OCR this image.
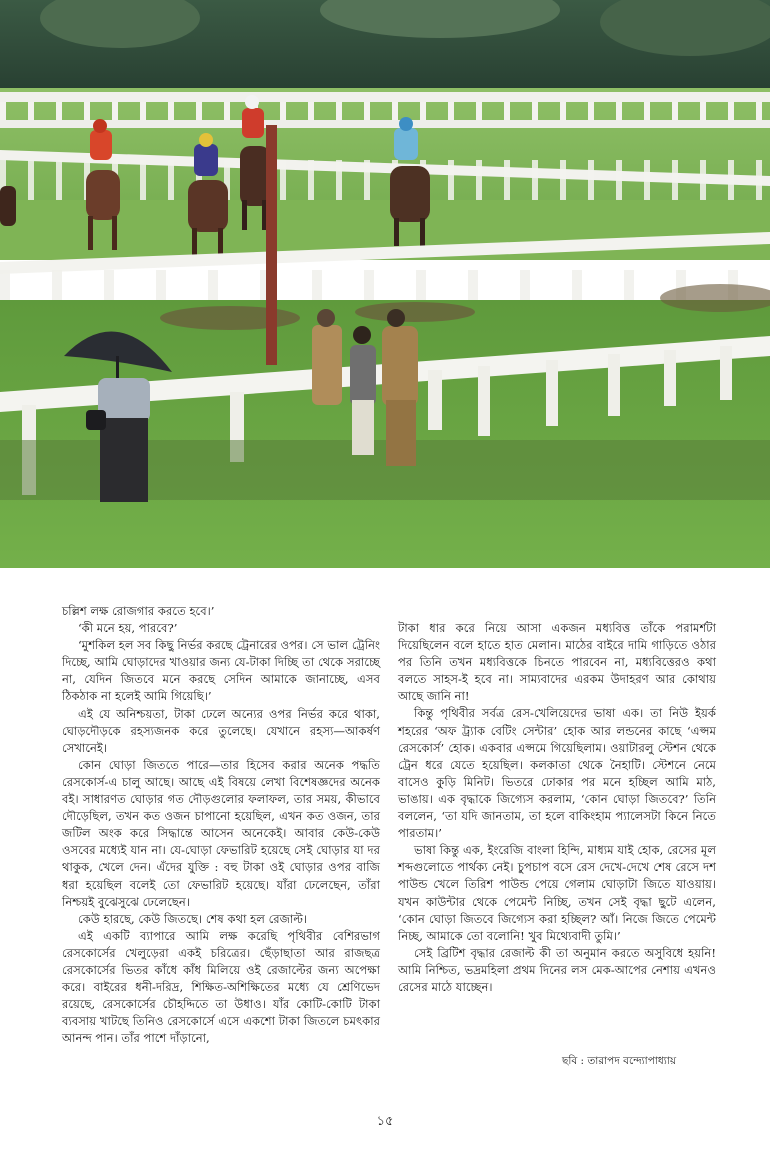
চল্লিশ লক্ষ রোজগার করতে হবে।’

‘কী মনে হয়, পারবে?’

‘মুশকিল হল সব কিছু নির্ভর করছে ট্রেনারের ওপর। সে ভাল ট্রেনিং দিচ্ছে, আমি ঘোড়াদের খাওয়ার জন্য যে-টাকা দিচ্ছি তা থেকে সরাচ্ছে না, যেদিন জিতবে মনে করছে সেদিন আমাকে জানাচ্ছে, এসব ঠিকঠাক না হলেই আমি গিয়েছি।’

এই যে অনিশ্চয়তা, টাকা ঢেলে অন্যের ওপর নির্ভর করে থাকা, ঘোড়দৌড়কে রহস্যজনক করে তুলেছে। যেখানে রহস্য—আকর্ষণ সেখানেই।

কোন ঘোড়া জিততে পারে—তার হিসেব করার অনেক পদ্ধতি রেসকোর্স-এ চালু আছে। আছে এই বিষয়ে লেখা বিশেষজ্ঞদের অনেক বই। সাধারণত ঘোড়ার গত দৌড়গুলোর ফলাফল, তার সময়, কীভাবে দৌড়েছিল, তখন কত ওজন চাপানো হয়েছিল, এখন কত ওজন, তার জটিল অংক করে সিদ্ধান্তে আসেন অনেকেই। আবার কেউ-কেউ ওসবের মধ্যেই যান না। যে-ঘোড়া ফেভারিট হয়েছে সেই ঘোড়ার যা দর থাকুক, খেলে দেন। এঁদের যুক্তি : বহু টাকা ওই ঘোড়ার ওপর বাজি ধরা হয়েছিল বলেই তো ফেভারিট হয়েছে। যাঁরা ঢেলেছেন, তাঁরা নিশ্চয়ই বুঝেসুঝে ঢেলেছেন।

কেউ হারছে, কেউ জিতছে। শেষ কথা হল রেজাল্ট।

এই একটি ব্যাপারে আমি লক্ষ করেছি পৃথিবীর বেশিরভাগ রেসকোর্সের খেলুড়েরা একই চরিত্রের। ছেঁড়াছাতা আর রাজছত্র রেসকোর্সের ভিতর কাঁধে কাঁধ মিলিয়ে ওই রেজাল্টের জন্য অপেক্ষা করে। বাইরের ধনী-দরিদ্র, শিক্ষিত-অশিক্ষিতের মধ্যে যে শ্রেণিভেদ রয়েছে, রেসকোর্সের চৌহদ্দিতে তা উধাও। যাঁর কোটি-কোটি টাকা ব্যবসায় খাটছে তিনিও রেসকোর্সে এসে একশো টাকা জিতলে চমৎকার আনন্দ পান। তাঁর পাশে দাঁড়ানো,

টাকা ধার করে নিয়ে আসা একজন মধ্যবিত্ত তাঁকে পরামর্শটা দিয়েছিলেন বলে হাতে হাত মেলান। মাঠের বাইরে দামি গাড়িতে ওঠার পর তিনি তখন মধ্যবিত্তকে চিনতে পারবেন না, মধ্যবিত্তেরও কথা বলতে সাহস-ই হবে না। সাম্যবাদের এরকম উদাহরণ আর কোথায় আছে জানি না!

কিন্তু পৃথিবীর সর্বত্র রেস-খেলিয়েদের ভাষা এক। তা নিউ ইয়র্ক শহরের ‘অফ ট্র্যাক বেটিং সেন্টার’ হোক আর লন্ডনের কাছে ‘এপ্সম রেসকোর্স’ হোক। একবার এপ্সমে গিয়েছিলাম। ওয়াটারলু স্টেশন থেকে ট্রেন ধরে যেতে হয়েছিল। কলকাতা থেকে নৈহাটি। স্টেশনে নেমে বাসেও কুড়ি মিনিট। ভিতরে ঢোকার পর মনে হচ্ছিল আমি মাঠ, ভাঙায়। এক বৃদ্ধাকে জিগ্যেস করলাম, ‘কোন ঘোড়া জিতবে?’ তিনি বললেন, ‘তা যদি জানতাম, তা হলে বাকিংহাম প্যালেসটা কিনে নিতে পারতাম।’

ভাষা কিন্তু এক, ইংরেজি বাংলা হিন্দি, মাধ্যম যাই হোক, রেসের মূল শব্দগুলোতে পার্থক্য নেই। চুপচাপ বসে রেস দেখে-দেখে শেষ রেসে দশ পাউন্ড খেলে তিরিশ পাউন্ড পেয়ে গেলাম ঘোড়াটা জিতে যাওয়ায়। যখন কাউন্টার থেকে পেমেন্ট নিচ্ছি, তখন সেই বৃদ্ধা ছুটে এলেন, ‘কোন ঘোড়া জিতবে জিগ্যেস করা হচ্ছিল? আঁ। নিজে জিতে পেমেন্ট নিচ্ছ, আমাকে তো বলোনি! খুব মিথ্যেবাদী তুমি।’

সেই ব্রিটিশ বৃদ্ধার রেজাল্ট কী তা অনুমান করতে অসুবিধে হয়নি! আমি নিশ্চিত, ভদ্রমহিলা প্রথম দিনের লস মেক-আপের নেশায় এখনও রেসের মাঠে যাচ্ছেন।

ছবি : তারাপদ বন্দ্যোপাধ্যায়
১৫
